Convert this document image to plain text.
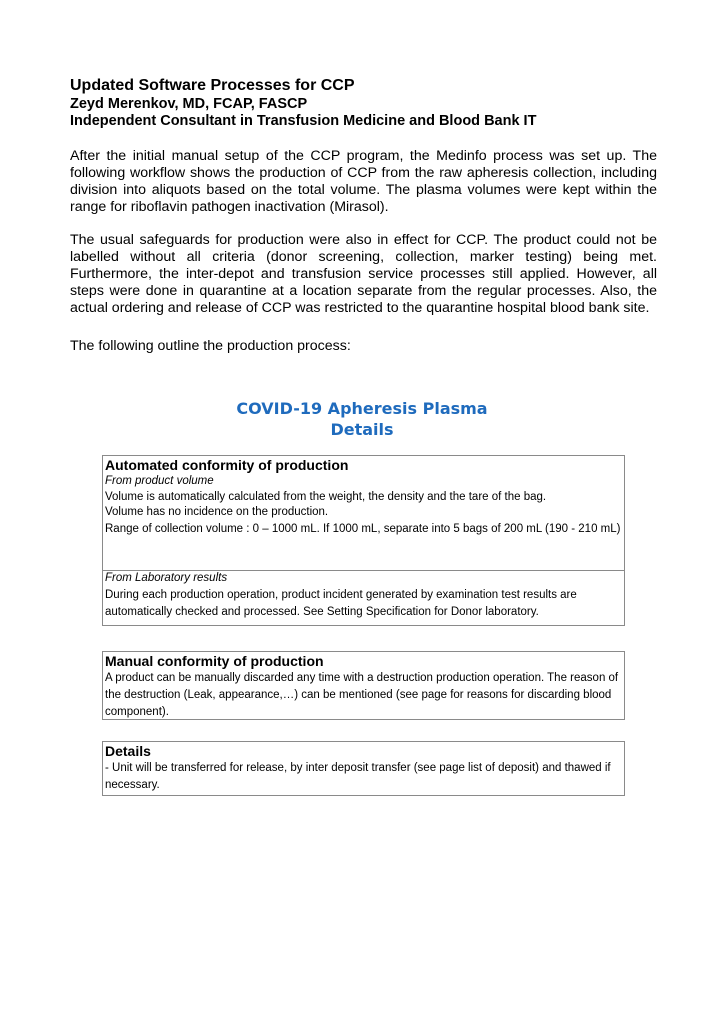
Updated Software Processes for CCP
Zeyd Merenkov, MD, FCAP, FASCP
Independent Consultant in Transfusion Medicine and Blood Bank IT

After the initial manual setup of the CCP program, the Medinfo process was set up. The following workflow shows the production of CCP from the raw apheresis collection, including division into aliquots based on the total volume. The plasma volumes were kept within the range for riboflavin pathogen inactivation (Mirasol).

The usual safeguards for production were also in effect for CCP. The product could not be labelled without all criteria (donor screening, collection, marker testing) being met. Furthermore, the inter-depot and transfusion service processes still applied. However, all steps were done in quarantine at a location separate from the regular processes. Also, the actual ordering and release of CCP was restricted to the quarantine hospital blood bank site.

The following outline the production process:

COVID-19 Apheresis Plasma
Details
Automated conformity of production
From product volume
Volume is automatically calculated from the weight, the density and the tare of the bag.
Volume has no incidence on the production.
Range of collection volume : 0 – 1000 mL. If 1000 mL, separate into 5 bags of 200 mL (190 - 210 mL)
From Laboratory results
During each production operation, product incident generated by examination test results are automatically checked and processed. See Setting Specification for Donor laboratory.
Manual conformity of production
A product can be manually discarded any time with a destruction production operation. The reason of the destruction (Leak, appearance,…) can be mentioned (see page for reasons for discarding blood component).
Details
- Unit will be transferred for release, by inter deposit transfer (see page list of deposit) and thawed if necessary.
